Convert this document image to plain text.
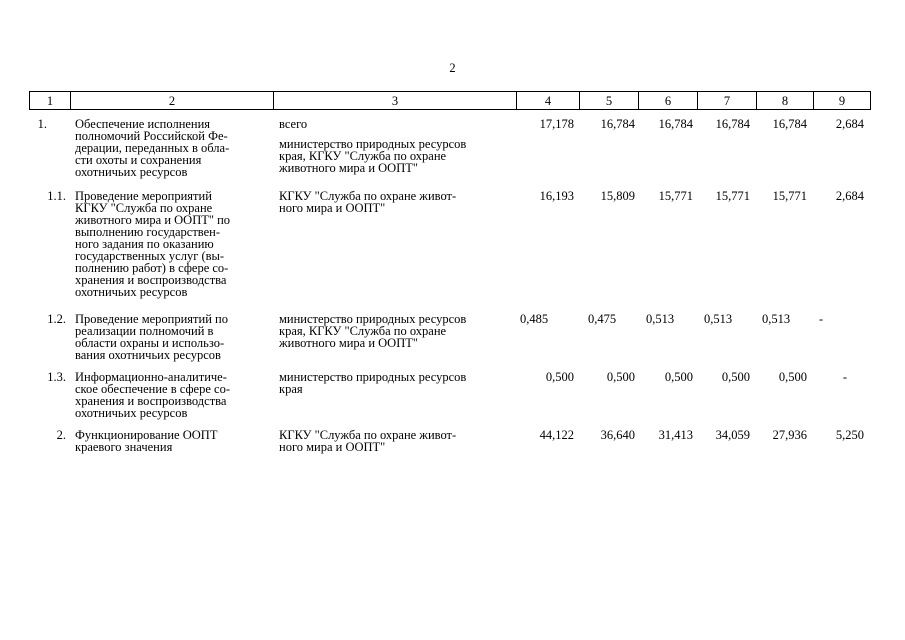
2
1	2	3	4	5	6	7	8	9
1. Обеспечение исполнения
полномочий Российской Фе-
дерации, переданных в обла-
сти охоты и сохранения
охотничьих ресурсов
всего
министерство природных ресурсов
края, КГКУ "Служба по охране
животного мира и ООПТ"
17,178	16,784	16,784	16,784	16,784	2,684
1.1. Проведение мероприятий
КГКУ "Служба по охране
животного мира и ООПТ" по
выполнению государствен-
ного задания по оказанию
государственных услуг (вы-
полнению работ) в сфере со-
хранения и воспроизводства
охотничьих ресурсов
КГКУ "Служба по охране живот-
ного мира и ООПТ"
16,193	15,809	15,771	15,771	15,771	2,684
1.2. Проведение мероприятий по
реализации полномочий в
области охраны и использо-
вания охотничьих ресурсов
министерство природных ресурсов
края, КГКУ "Служба по охране
животного мира и ООПТ"
0,485	0,475 0,513 0,513 0,513 -
1.3. Информационно-аналитиче-
ское обеспечение в сфере со-
хранения и воспроизводства
охотничьих ресурсов
министерство природных ресурсов
края
0,500	0,500	0,500	0,500	0,500	-
2. Функционирование ООПТ
краевого значения
КГКУ "Служба по охране живот-
ного мира и ООПТ"
44,122	36,640	31,413	34,059	27,936	5,250
